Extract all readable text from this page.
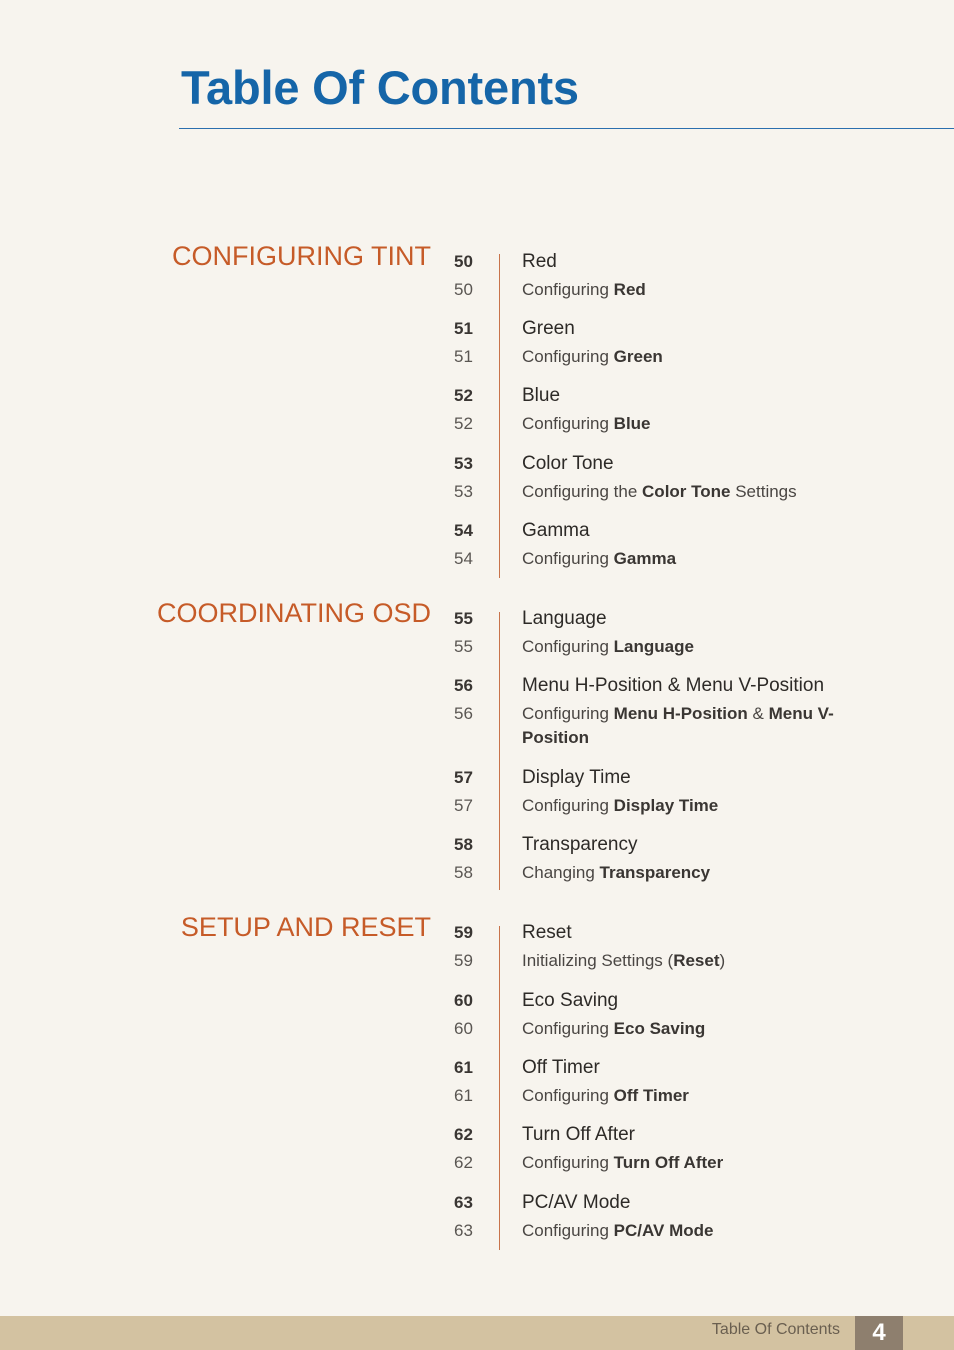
Table Of Contents
CONFIGURING TINT 50	Red
50	Configuring Red
51	Green
51	Configuring Green
52	Blue
52	Configuring Blue
53	Color Tone
53	Configuring the Color Tone Settings
54	Gamma
54	Configuring Gamma
COORDINATING OSD 55	Language
55	Configuring Language
56	Menu H-Position & Menu V-Position
56	Configuring Menu H-Position & Menu V-Position
57	Display Time
57	Configuring Display Time
58	Transparency
58	Changing Transparency
SETUP AND RESET 59	Reset
59	Initializing Settings (Reset)
60	Eco Saving
60	Configuring Eco Saving
61	Off Timer
61	Configuring Off Timer
62	Turn Off After
62	Configuring Turn Off After
63	PC/AV Mode
63	Configuring PC/AV Mode
Table Of Contents	4
